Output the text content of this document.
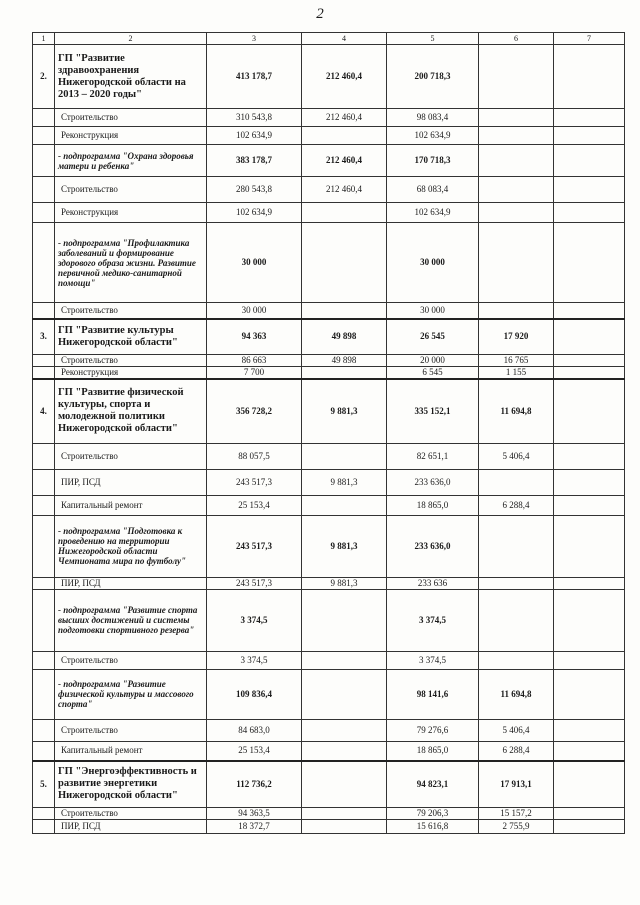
2
1	2	3	4	5	6	7
2.	ГП "Развитие здравоохранения Нижегородской области на 2013 – 2020 годы"	413 178,7	212 460,4	200 718,3		
	Строительство	310 543,8	212 460,4	98 083,4		
	Реконструкция	102 634,9		102 634,9		
	- подпрограмма "Охрана здоровья матери и ребенка"	383 178,7	212 460,4	170 718,3		
	Строительство	280 543,8	212 460,4	68 083,4		
	Реконструкция	102 634,9		102 634,9		
	- подпрограмма "Профилактика заболеваний и формирование здорового образа жизни. Развитие первичной медико-санитарной помощи"	30 000		30 000		
	Строительство	30 000		30 000		
3.	ГП "Развитие культуры Нижегородской области"	94 363	49 898	26 545	17 920	
	Строительство	86 663	49 898	20 000	16 765	
	Реконструкция	7 700		6 545	1 155	
4.	ГП "Развитие физической культуры, спорта и молодежной политики Нижегородской области"	356 728,2	9 881,3	335 152,1	11 694,8	
	Строительство	88 057,5		82 651,1	5 406,4	
	ПИР, ПСД	243 517,3	9 881,3	233 636,0		
	Капитальный ремонт	25 153,4		18 865,0	6 288,4	
	- подпрограмма "Подготовка к проведению на территории Нижегородской области Чемпионата мира по футболу"	243 517,3	9 881,3	233 636,0		
	ПИР, ПСД	243 517,3	9 881,3	233 636		
	- подпрограмма "Развитие спорта высших достижений и системы подготовки спортивного резерва"	3 374,5		3 374,5		
	Строительство	3 374,5		3 374,5		
	- подпрограмма "Развитие физической культуры и массового спорта"	109 836,4		98 141,6	11 694,8	
	Строительство	84 683,0		79 276,6	5 406,4	
	Капитальный ремонт	25 153,4		18 865,0	6 288,4	
5.	ГП "Энергоэффективность и развитие энергетики Нижегородской области"	112 736,2		94 823,1	17 913,1	
	Строительство	94 363,5		79 206,3	15 157,2	
	ПИР, ПСД	18 372,7		15 616,8	2 755,9	
